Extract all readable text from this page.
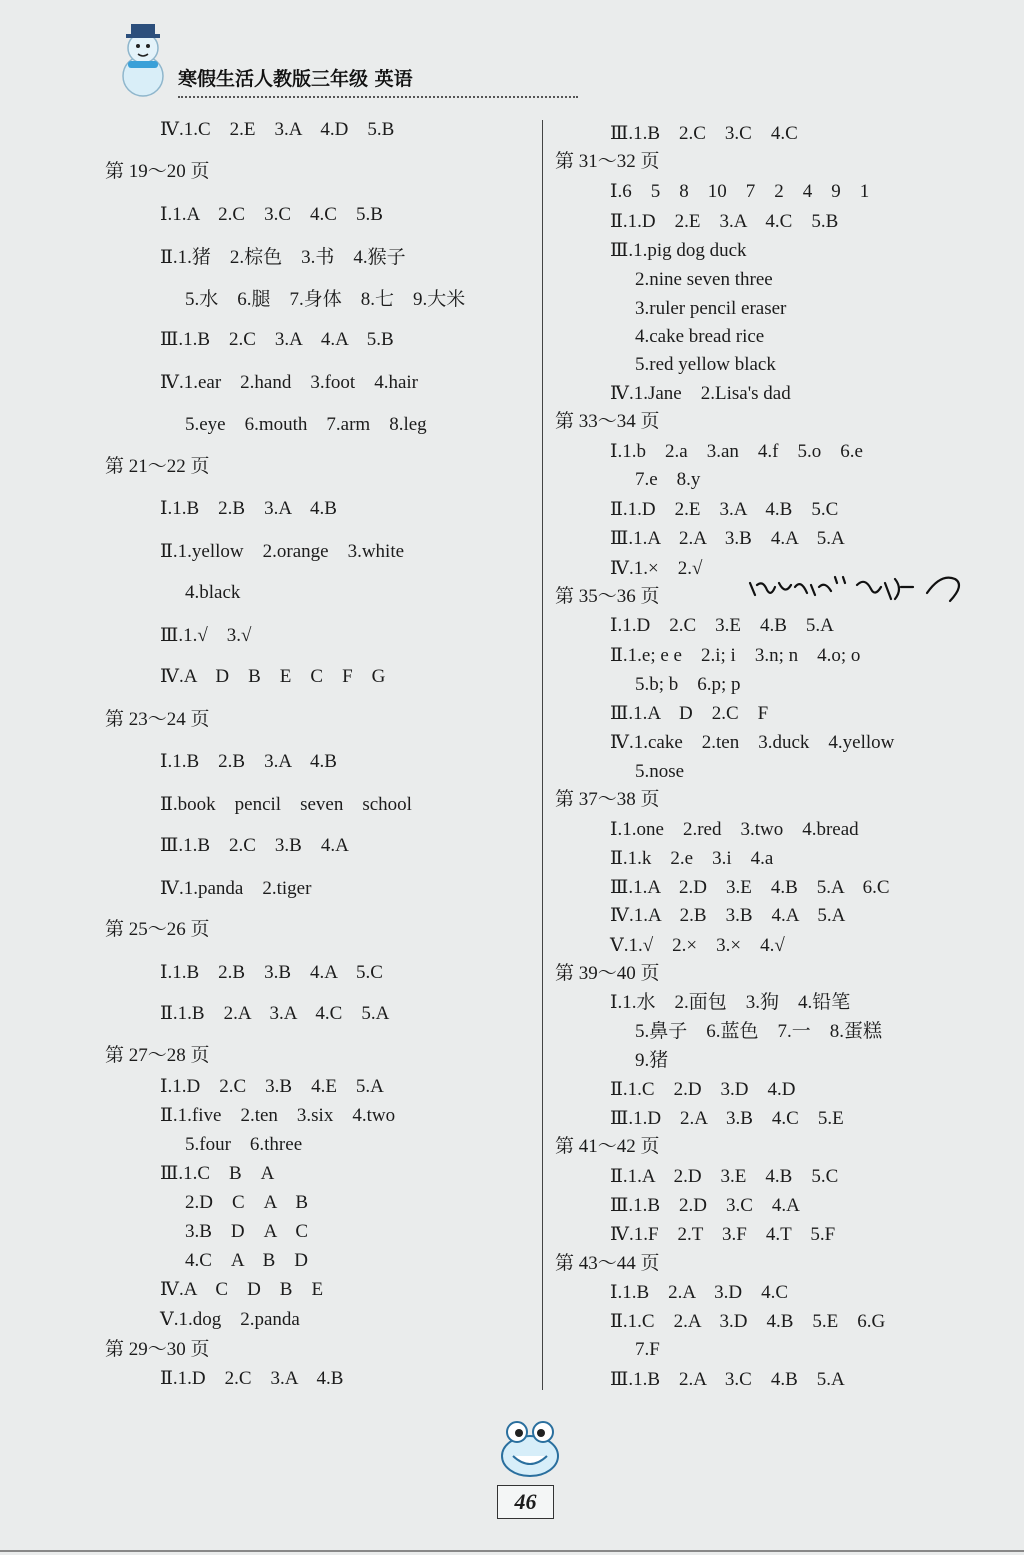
寒假生活人教版三年级 英语
Ⅳ.1.C　2.E　3.A　4.D　5.B
第 19～20 页
Ⅰ.1.A　2.C　3.C　4.C　5.B
Ⅱ.1.猪　2.棕色　3.书　4.猴子
5.水　6.腿　7.身体　8.七　9.大米
Ⅲ.1.B　2.C　3.A　4.A　5.B
Ⅳ.1.ear　2.hand　3.foot　4.hair
5.eye　6.mouth　7.arm　8.leg
第 21～22 页
Ⅰ.1.B　2.B　3.A　4.B
Ⅱ.1.yellow　2.orange　3.white
4.black
Ⅲ.1.√　3.√
Ⅳ.A　D　B　E　C　F　G
第 23～24 页
Ⅰ.1.B　2.B　3.A　4.B
Ⅱ.book　pencil　seven　school
Ⅲ.1.B　2.C　3.B　4.A
Ⅳ.1.panda　2.tiger
第 25～26 页
Ⅰ.1.B　2.B　3.B　4.A　5.C
Ⅱ.1.B　2.A　3.A　4.C　5.A
第 27～28 页
Ⅰ.1.D　2.C　3.B　4.E　5.A
Ⅱ.1.five　2.ten　3.six　4.two
5.four　6.three
Ⅲ.1.C　B　A
2.D　C　A　B
3.B　D　A　C
4.C　A　B　D
Ⅳ.A　C　D　B　E
Ⅴ.1.dog　2.panda
第 29～30 页
Ⅱ.1.D　2.C　3.A　4.B
Ⅲ.1.B　2.C　3.C　4.C
第 31～32 页
Ⅰ.6　5　8　10　7　2　4　9　1
Ⅱ.1.D　2.E　3.A　4.C　5.B
Ⅲ.1.pig dog duck
2.nine seven three
3.ruler pencil eraser
4.cake bread rice
5.red yellow black
Ⅳ.1.Jane　2.Lisa's dad
第 33～34 页
Ⅰ.1.b　2.a　3.an　4.f　5.o　6.e
7.e　8.y
Ⅱ.1.D　2.E　3.A　4.B　5.C
Ⅲ.1.A　2.A　3.B　4.A　5.A
Ⅳ.1.×　2.√
第 35～36 页
Ⅰ.1.D　2.C　3.E　4.B　5.A
Ⅱ.1.e; e e　2.i; i　3.n; n　4.o; o
5.b; b　6.p; p
Ⅲ.1.A　D　2.C　F
Ⅳ.1.cake　2.ten　3.duck　4.yellow
5.nose
第 37～38 页
Ⅰ.1.one　2.red　3.two　4.bread
Ⅱ.1.k　2.e　3.i　4.a
Ⅲ.1.A　2.D　3.E　4.B　5.A　6.C
Ⅳ.1.A　2.B　3.B　4.A　5.A
Ⅴ.1.√　2.×　3.×　4.√
第 39～40 页
Ⅰ.1.水　2.面包　3.狗　4.铅笔
5.鼻子　6.蓝色　7.一　8.蛋糕
9.猪
Ⅱ.1.C　2.D　3.D　4.D
Ⅲ.1.D　2.A　3.B　4.C　5.E
第 41～42 页
Ⅱ.1.A　2.D　3.E　4.B　5.C
Ⅲ.1.B　2.D　3.C　4.A
Ⅳ.1.F　2.T　3.F　4.T　5.F
第 43～44 页
Ⅰ.1.B　2.A　3.D　4.C
Ⅱ.1.C　2.A　3.D　4.B　5.E　6.G
7.F
Ⅲ.1.B　2.A　3.C　4.B　5.A
46
